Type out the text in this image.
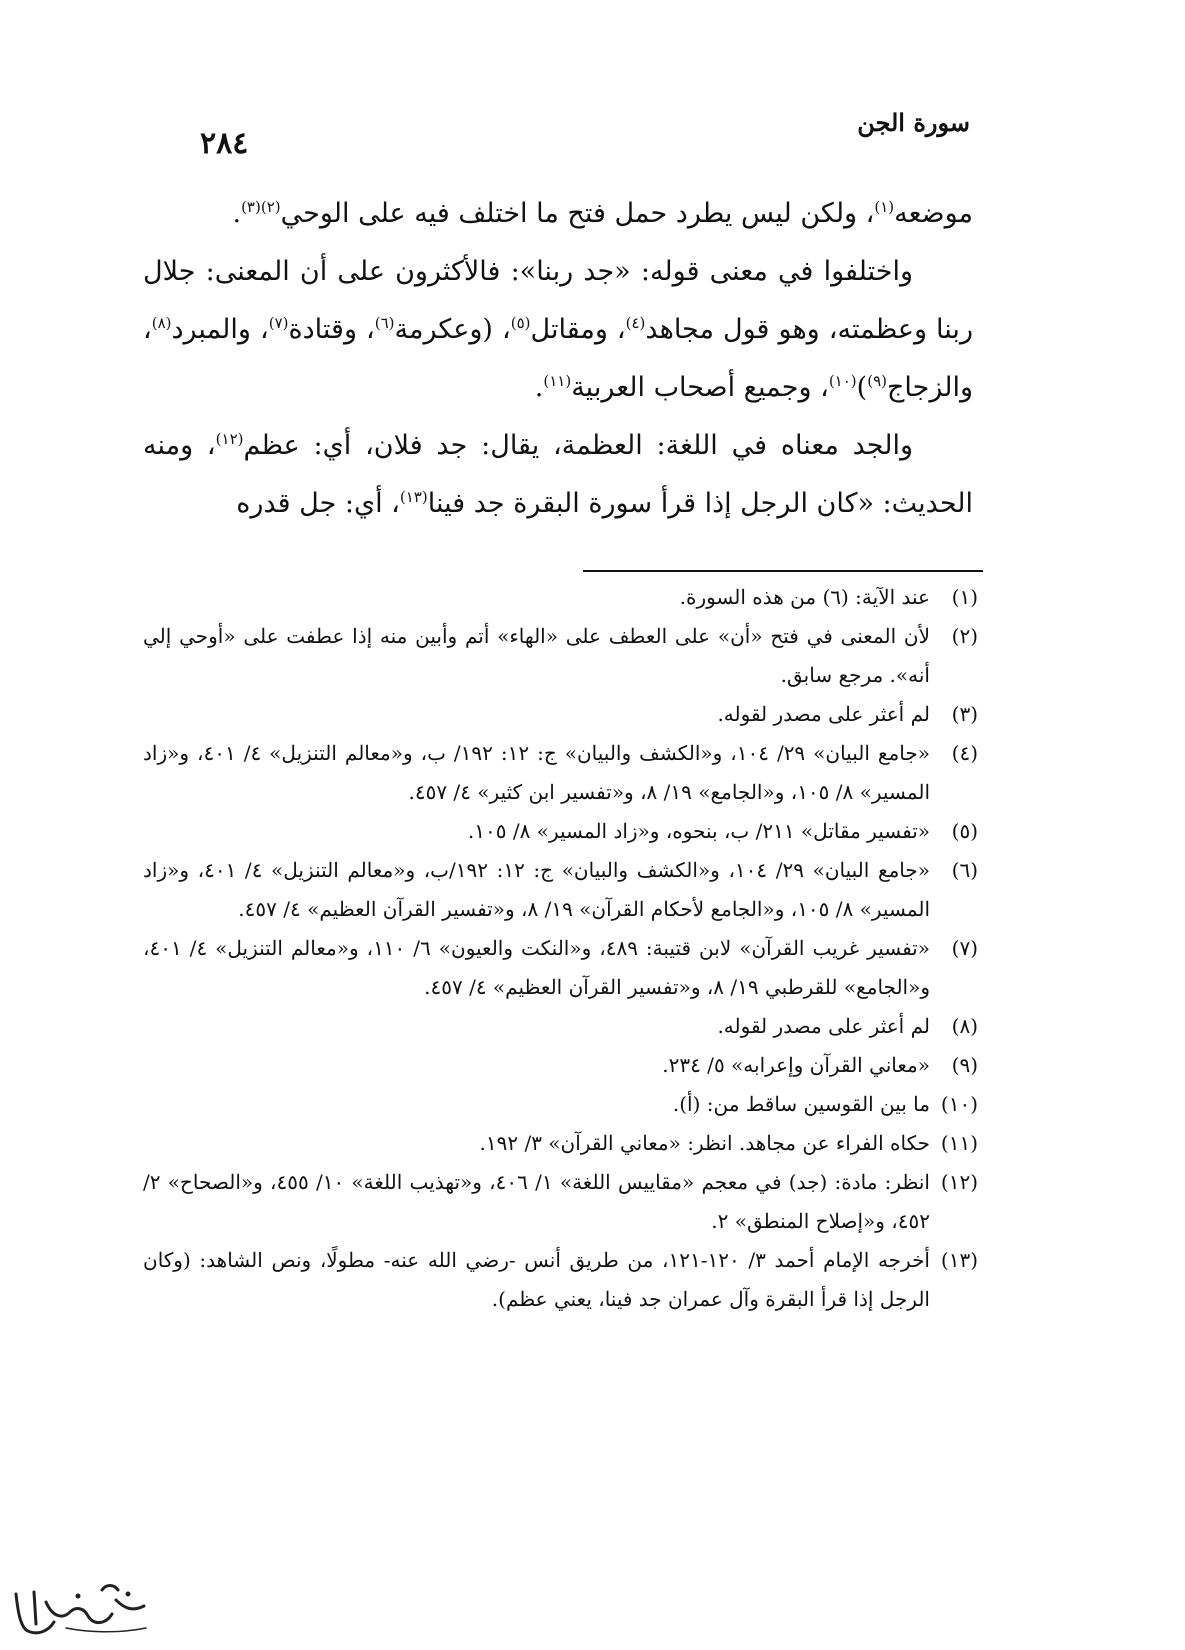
٢٨٤
سورة الجن

موضعه$^{(١)}$، ولكن ليس يطرد حمل فتح ما اختلف فيه على الوحي$^{(٢)(٣)}$.

واختلفوا في معنى قوله: «جد ربنا»: فالأكثرون على أن المعنى: جلال ربنا وعظمته، وهو قول مجاهد$^{(٤)}$، ومقاتل$^{(٥)}$، (وعكرمة$^{(٦)}$، وقتادة$^{(٧)}$، والمبرد$^{(٨)}$، والزجاج$^{(٩)}$)$^{(١٠)}$، وجميع أصحاب العربية$^{(١١)}$.

والجد معناه في اللغة: العظمة، يقال: جد فلان، أي: عظم$^{(١٢)}$، ومنه الحديث: «كان الرجل إذا قرأ سورة البقرة جد فينا$^{(١٣)}$، أي: جل قدره

(١)
عند الآية: (٦) من هذه السورة.
(٢)
لأن المعنى في فتح «أن» على العطف على «الهاء» أتم وأبين منه إذا عطفت على «أوحي إلي أنه». مرجع سابق.
(٣)
لم أعثر على مصدر لقوله.
(٤)
«جامع البيان» ٢٩/ ١٠٤، و«الكشف والبيان» ج: ١٢: ١٩٢/ ب، و«معالم التنزيل» ٤/ ٤٠١، و«زاد المسير» ٨/ ١٠٥، و«الجامع» ١٩/ ٨، و«تفسير ابن كثير» ٤/ ٤٥٧.
(٥)
«تفسير مقاتل» ٢١١/ ب، بنحوه، و«زاد المسير» ٨/ ١٠٥.
(٦)
«جامع البيان» ٢٩/ ١٠٤، و«الكشف والبيان» ج: ١٢: ١٩٢/ب، و«معالم التنزيل» ٤/ ٤٠١، و«زاد المسير» ٨/ ١٠٥، و«الجامع لأحكام القرآن» ١٩/ ٨، و«تفسير القرآن العظيم» ٤/ ٤٥٧.
(٧)
«تفسير غريب القرآن» لابن قتيبة: ٤٨٩، و«النكت والعيون» ٦/ ١١٠، و«معالم التنزيل» ٤/ ٤٠١، و«الجامع» للقرطبي ١٩/ ٨، و«تفسير القرآن العظيم» ٤/ ٤٥٧.
(٨)
لم أعثر على مصدر لقوله.
(٩)
«معاني القرآن وإعرابه» ٥/ ٢٣٤.
(١٠)
ما بين القوسين ساقط من: (أ).
(١١)
حكاه الفراء عن مجاهد. انظر: «معاني القرآن» ٣/ ١٩٢.
(١٢)
انظر: مادة: (جد) في معجم «مقاييس اللغة» ١/ ٤٠٦، و«تهذيب اللغة» ١٠/ ٤٥٥، و«الصحاح» ٢/ ٤٥٢، و«إصلاح المنطق» ٢.
(١٣)
أخرجه الإمام أحمد ٣/ ١٢٠-١٢١، من طريق أنس -رضي الله عنه- مطولًا، ونص الشاهد: (وكان الرجل إذا قرأ البقرة وآل عمران جد فينا، يعني عظم).
